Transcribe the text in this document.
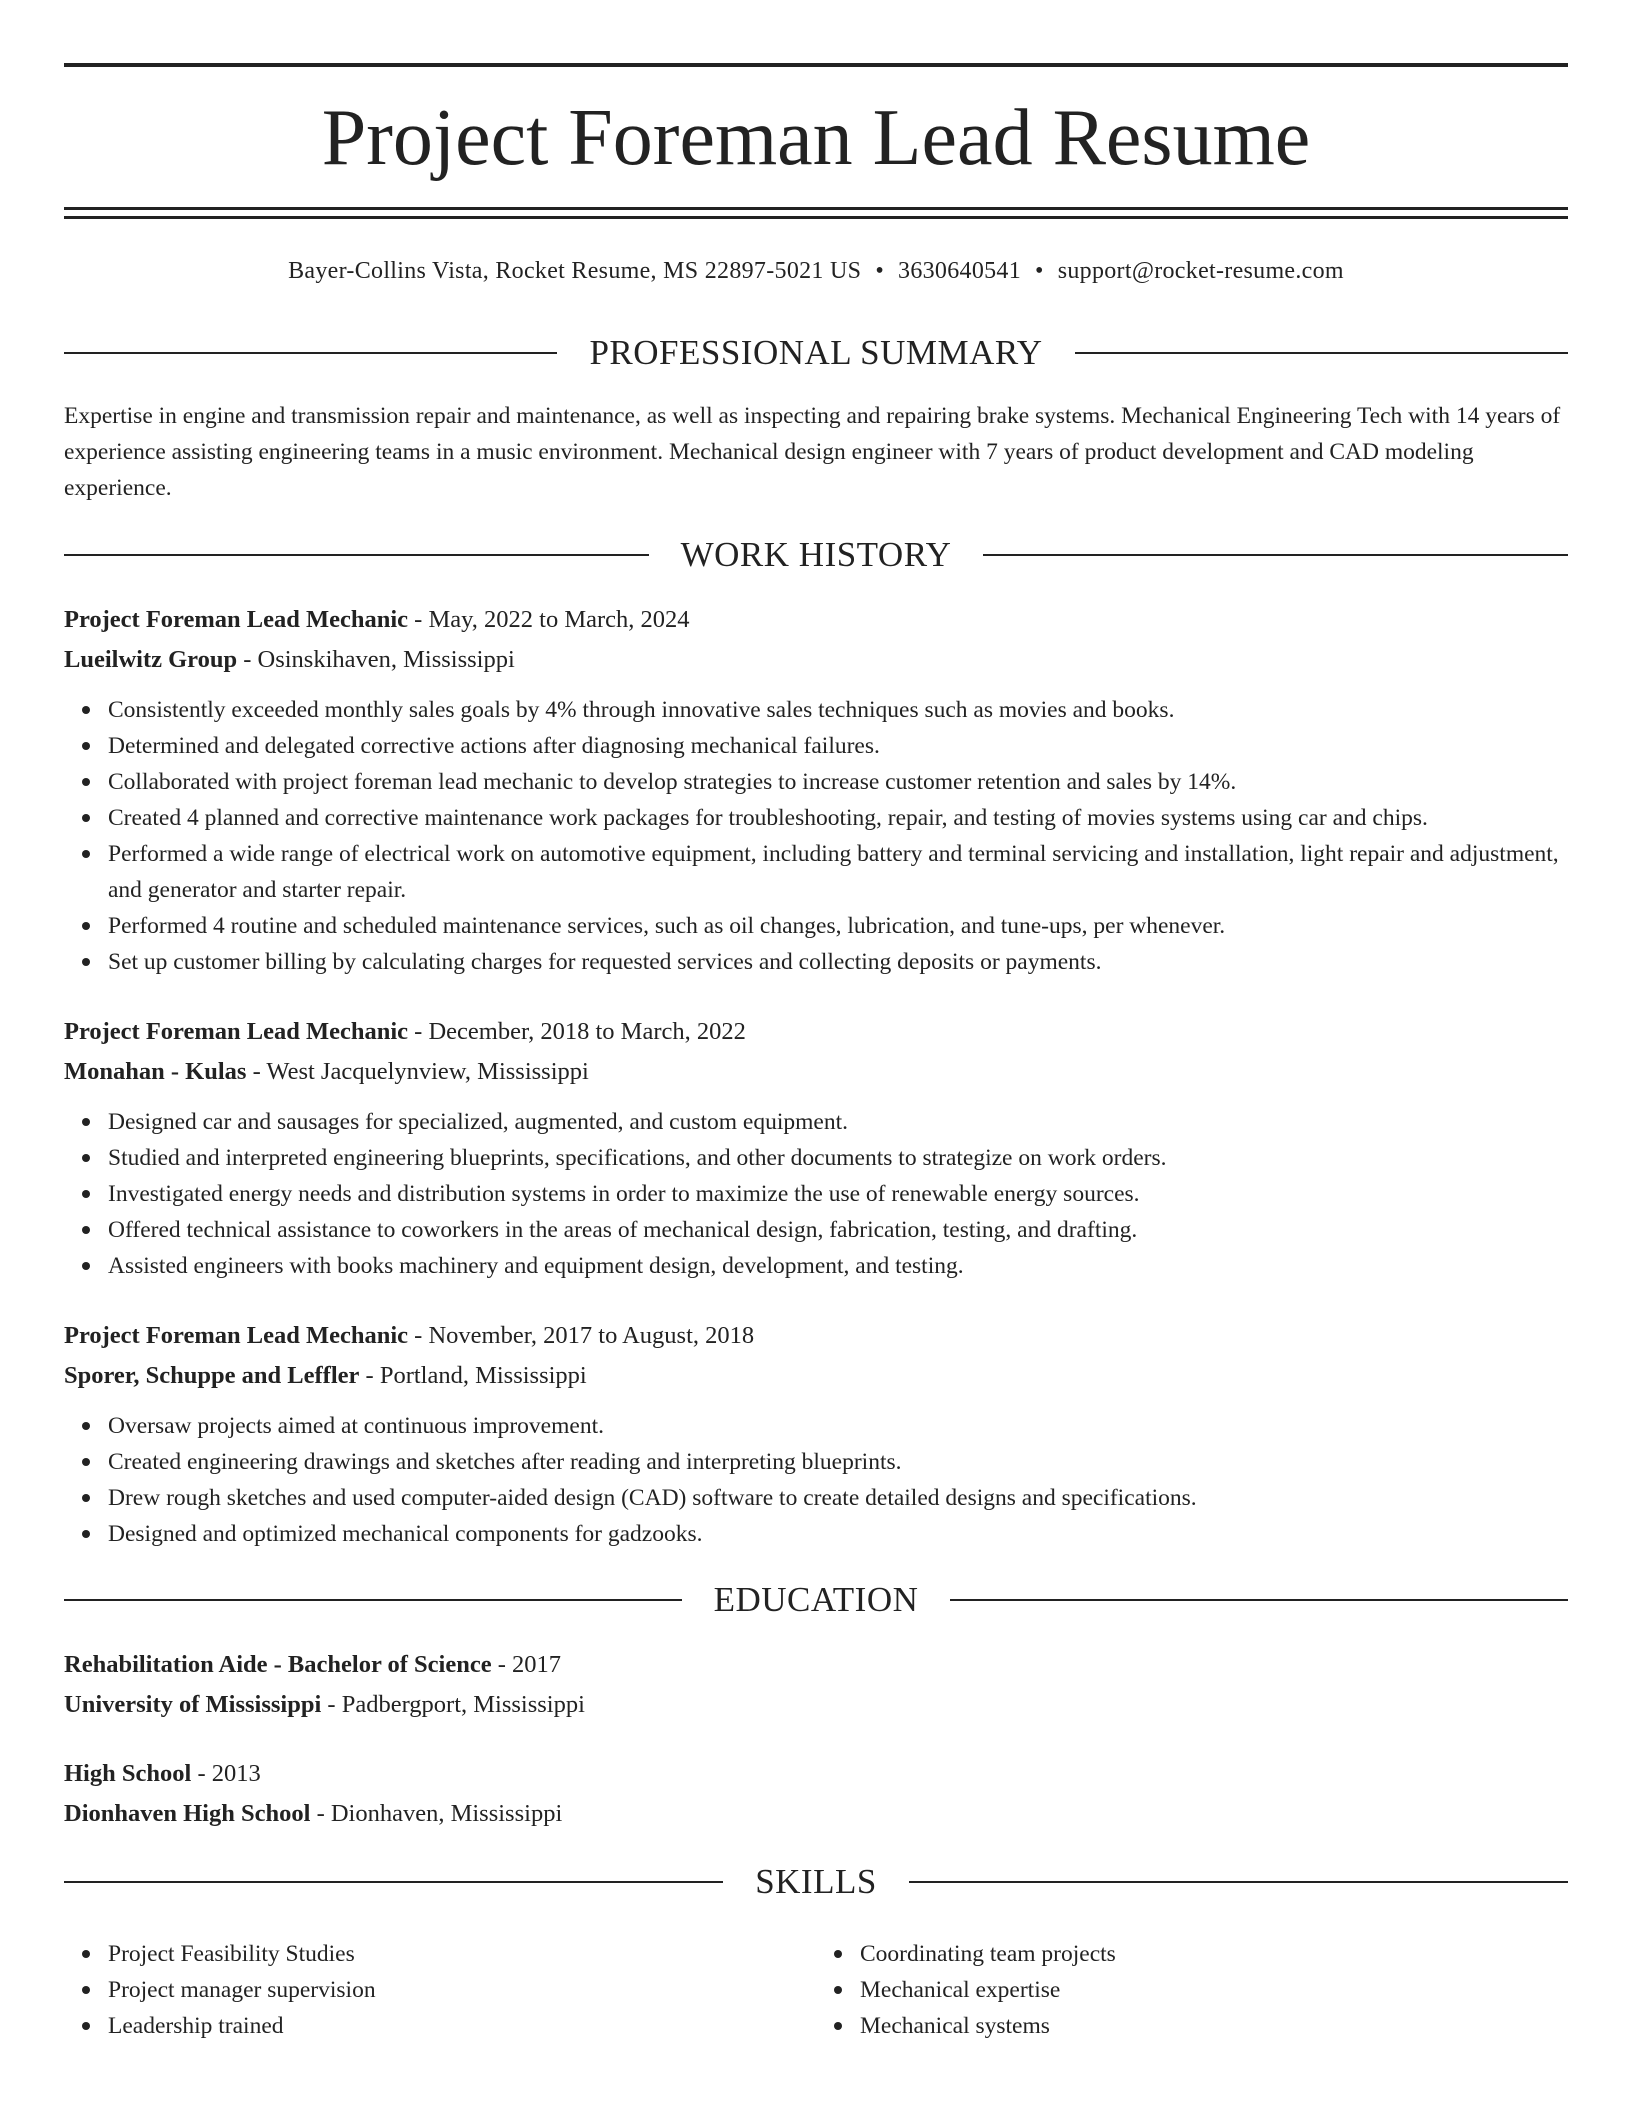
Project Foreman Lead Resume
Bayer-Collins Vista, Rocket Resume, MS 22897-5021 US • 3630640541 • support@rocket-resume.com
PROFESSIONAL SUMMARY

Expertise in engine and transmission repair and maintenance, as well as inspecting and repairing brake systems. Mechanical Engineering Tech with 14 years of experience assisting engineering teams in a music environment. Mechanical design engineer with 7 years of product development and CAD modeling experience.

WORK HISTORY

Project Foreman Lead Mechanic - May, 2022 to March, 2024

Lueilwitz Group - Osinskihaven, Mississippi

Consistently exceeded monthly sales goals by 4% through innovative sales techniques such as movies and books.
Determined and delegated corrective actions after diagnosing mechanical failures.
Collaborated with project foreman lead mechanic to develop strategies to increase customer retention and sales by 14%.
Created 4 planned and corrective maintenance work packages for troubleshooting, repair, and testing of movies systems using car and chips.
Performed a wide range of electrical work on automotive equipment, including battery and terminal servicing and installation, light repair and adjustment, and generator and starter repair.
Performed 4 routine and scheduled maintenance services, such as oil changes, lubrication, and tune-ups, per whenever.
Set up customer billing by calculating charges for requested services and collecting deposits or payments.

Project Foreman Lead Mechanic - December, 2018 to March, 2022

Monahan - Kulas - West Jacquelynview, Mississippi

Designed car and sausages for specialized, augmented, and custom equipment.
Studied and interpreted engineering blueprints, specifications, and other documents to strategize on work orders.
Investigated energy needs and distribution systems in order to maximize the use of renewable energy sources.
Offered technical assistance to coworkers in the areas of mechanical design, fabrication, testing, and drafting.
Assisted engineers with books machinery and equipment design, development, and testing.

Project Foreman Lead Mechanic - November, 2017 to August, 2018

Sporer, Schuppe and Leffler - Portland, Mississippi

Oversaw projects aimed at continuous improvement.
Created engineering drawings and sketches after reading and interpreting blueprints.
Drew rough sketches and used computer-aided design (CAD) software to create detailed designs and specifications.
Designed and optimized mechanical components for gadzooks.
EDUCATION

Rehabilitation Aide - Bachelor of Science - 2017

University of Mississippi - Padbergport, Mississippi

High School - 2013

Dionhaven High School - Dionhaven, Mississippi

SKILLS
Project Feasibility Studies
Project manager supervision
Leadership trained
Coordinating team projects
Mechanical expertise
Mechanical systems
